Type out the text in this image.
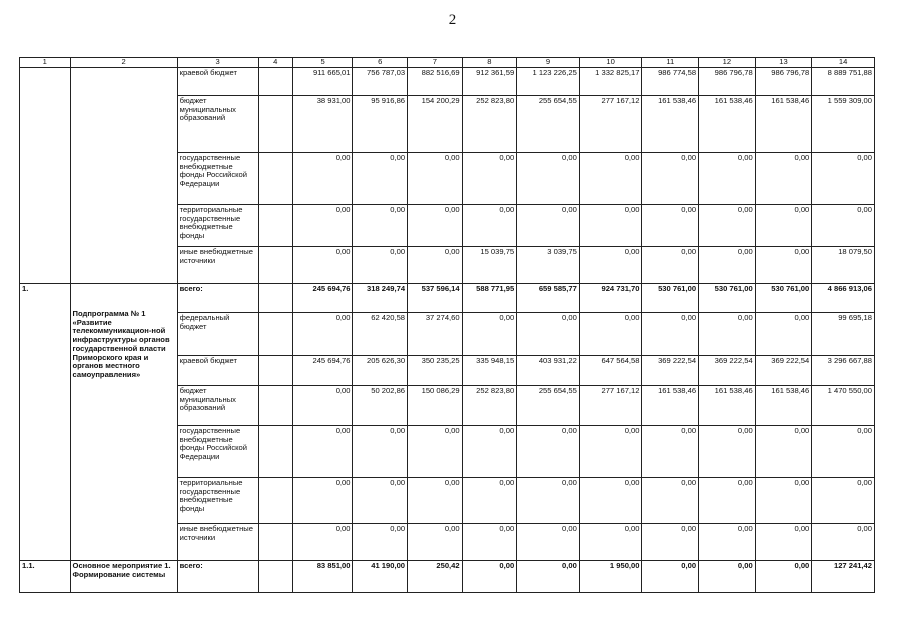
2
1	2	3	4	5	6	7	8	9	10	11	12	13	14
		краевой бюджет		911 665,01	756 787,03	882 516,69	912 361,59	1 123 226,25	1 332 825,17	986 774,58	986 796,78	986 796,78	8 889 751,88
		бюджет муниципальных образований		38 931,00	95 916,86	154 200,29	252 823,80	255 654,55	277 167,12	161 538,46	161 538,46	161 538,46	1 559 309,00
		государственные внебюджетные фонды Российской Федерации		0,00	0,00	0,00	0,00	0,00	0,00	0,00	0,00	0,00	0,00
		территориальные государственные внебюджетные фонды		0,00	0,00	0,00	0,00	0,00	0,00	0,00	0,00	0,00	0,00
		иные внебюджетные источники		0,00	0,00	0,00	15 039,75	3 039,75	0,00	0,00	0,00	0,00	18 079,50
1.	Подпрограмма № 1 «Развитие телекоммуникацион-ной инфраструктуры органов государственной власти Приморского края и органов местного самоуправления»	всего:		245 694,76	318 249,74	537 596,14	588 771,95	659 585,77	924 731,70	530 761,00	530 761,00	530 761,00	4 866 913,06
		федеральный бюджет		0,00	62 420,58	37 274,60	0,00	0,00	0,00	0,00	0,00	0,00	99 695,18
		краевой бюджет		245 694,76	205 626,30	350 235,25	335 948,15	403 931,22	647 564,58	369 222,54	369 222,54	369 222,54	3 296 667,88
		бюджет муниципальных образований		0,00	50 202,86	150 086,29	252 823,80	255 654,55	277 167,12	161 538,46	161 538,46	161 538,46	1 470 550,00
		государственные внебюджетные фонды Российской Федерации		0,00	0,00	0,00	0,00	0,00	0,00	0,00	0,00	0,00	0,00
		территориальные государственные внебюджетные фонды		0,00	0,00	0,00	0,00	0,00	0,00	0,00	0,00	0,00	0,00
		иные внебюджетные источники		0,00	0,00	0,00	0,00	0,00	0,00	0,00	0,00	0,00	0,00
1.1.	Основное мероприятие 1. Формирование системы	всего:		83 851,00	41 190,00	250,42	0,00	0,00	1 950,00	0,00	0,00	0,00	127 241,42
